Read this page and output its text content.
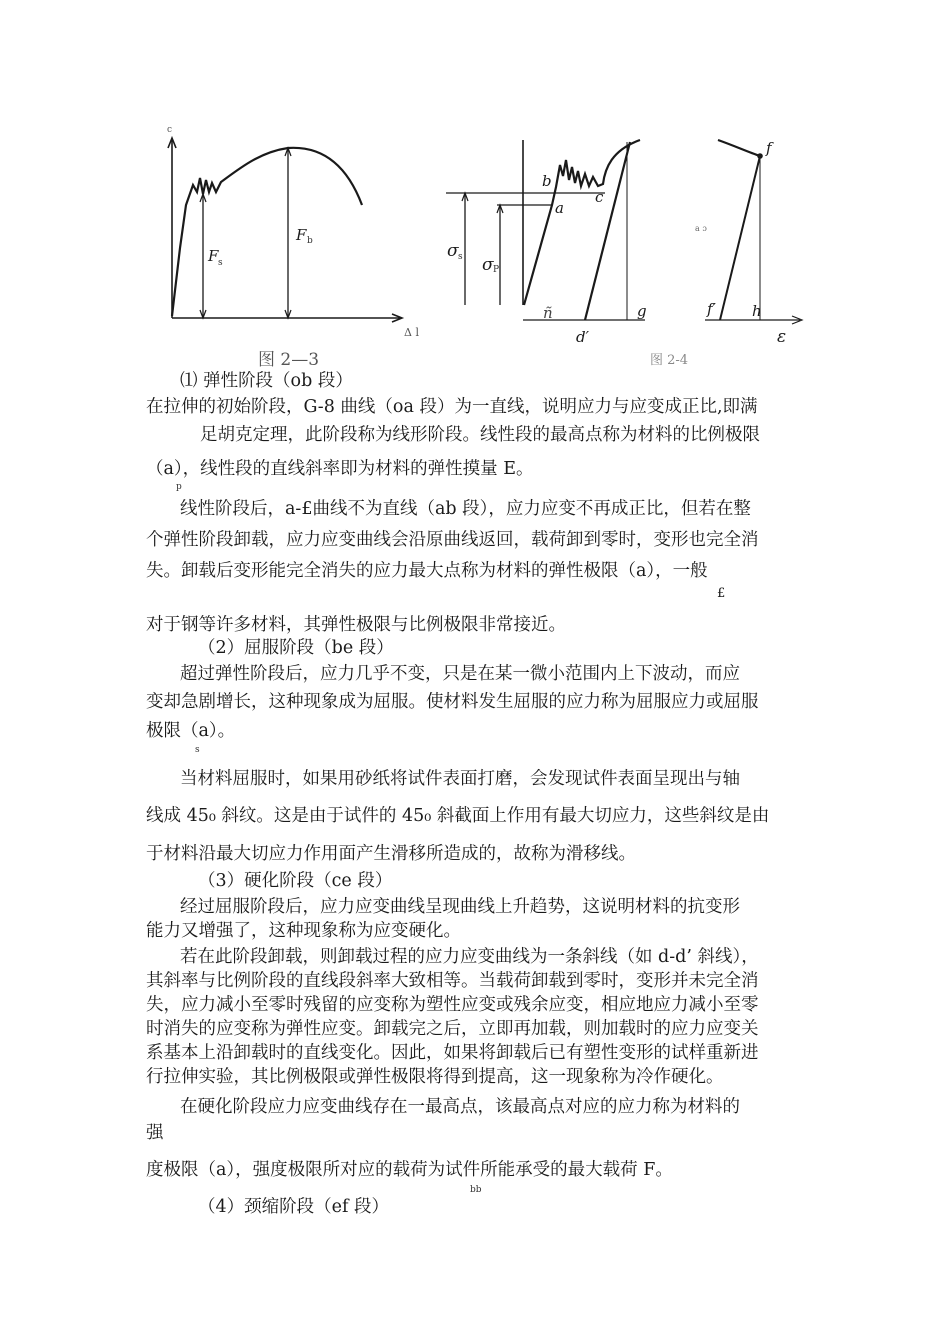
c
Δ l
F s
F b
图 2—3
b
a
c
ñ	g
d′
σ s σ P
图 2-4
f
a ɔ
f′ h
ε
⑴ 弹性阶段（ob 段）
在拉伸的初始阶段，G-8 曲线（oa 段）为一直线，说明应力与应变成正比,即满
足胡克定理，此阶段称为线形阶段。线性段的最高点称为材料的比例极限
（a），线性段的直线斜率即为材料的弹性摸量 E。
p
线性阶段后，a-£曲线不为直线（ab 段），应力应变不再成正比，但若在整
个弹性阶段卸载，应力应变曲线会沿原曲线返回，载荷卸到零时，变形也完全消
失。卸载后变形能完全消失的应力最大点称为材料的弹性极限（a），一般
£
对于钢等许多材料，其弹性极限与比例极限非常接近。
（2）屈服阶段（be 段）
超过弹性阶段后，应力几乎不变，只是在某一微小范围内上下波动，而应
变却急剧增长，这种现象成为屈服。使材料发生屈服的应力称为屈服应力或屈服
极限（a）。
s
当材料屈服时，如果用砂纸将试件表面打磨，会发现试件表面呈现出与轴
线成 45₀ 斜纹。这是由于试件的 45₀ 斜截面上作用有最大切应力，这些斜纹是由
于材料沿最大切应力作用面产生滑移所造成的，故称为滑移线。
（3）硬化阶段（ce 段）
经过屈服阶段后，应力应变曲线呈现曲线上升趋势，这说明材料的抗变形
能力又增强了，这种现象称为应变硬化。
若在此阶段卸载，则卸载过程的应力应变曲线为一条斜线（如 d-d’ 斜线），
其斜率与比例阶段的直线段斜率大致相等。当载荷卸载到零时，变形并未完全消
失，应力减小至零时残留的应变称为塑性应变或残余应变，相应地应力减小至零
时消失的应变称为弹性应变。卸载完之后，立即再加载，则加载时的应力应变关
系基本上沿卸载时的直线变化。因此，如果将卸载后已有塑性变形的试样重新进
行拉伸实验，其比例极限或弹性极限将得到提高，这一现象称为冷作硬化。
在硬化阶段应力应变曲线存在一最高点，该最高点对应的应力称为材料的
强
度极限（a），强度极限所对应的载荷为试件所能承受的最大载荷 F。
bb
（4）颈缩阶段（ef 段）
